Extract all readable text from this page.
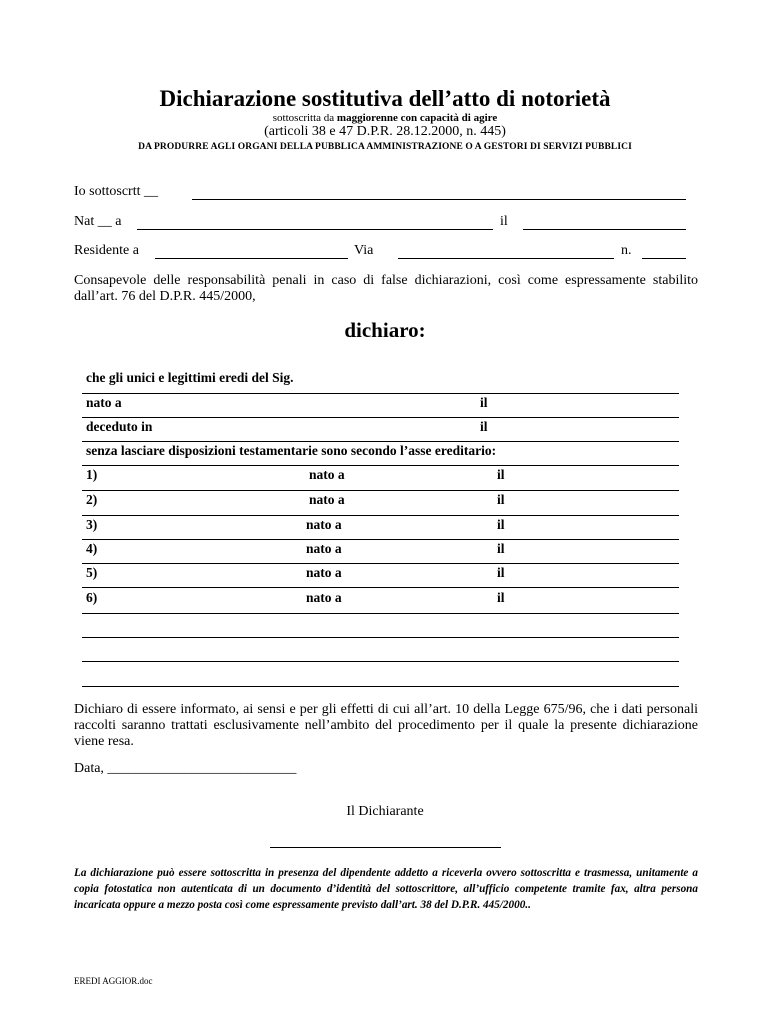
Dichiarazione sostitutiva dell’atto di notorietà
sottoscritta da maggiorenne con capacità di agire
(articoli 38 e 47 D.P.R. 28.12.2000, n. 445)
DA PRODURRE AGLI ORGANI DELLA PUBBLICA AMMINISTRAZIONE O A GESTORI DI SERVIZI PUBBLICI
Io sottoscrtt __
Nat __ a	il
Residente a	Via	n.
Consapevole delle responsabilità penali in caso di false dichiarazioni, così come espressamente stabilito dall’art. 76 del D.P.R. 445/2000,
dichiaro:
che gli unici e legittimi eredi del Sig.
nato a	il
deceduto in	il
senza lasciare disposizioni testamentarie sono secondo l’asse ereditario:
1)	nato a	il
2)	nato a	il
3)	nato a	il
4)	nato a	il
5)	nato a	il
6)	nato a	il
Dichiaro di essere informato, ai sensi e per gli effetti di cui all’art. 10 della Legge 675/96, che i dati personali raccolti saranno trattati esclusivamente nell’ambito del procedimento per il quale la presente dichiarazione viene resa.
Data, ___________________________
Il Dichiarante
La dichiarazione può essere sottoscritta in presenza del dipendente addetto a riceverla ovvero sottoscritta e trasmessa, unitamente a copia fotostatica non autenticata di un documento d’identità del sottoscrittore, all’ufficio competente tramite fax, altra persona incaricata oppure a mezzo posta così come espressamente previsto dall’art. 38 del D.P.R. 445/2000..
EREDI AGGIOR.doc
